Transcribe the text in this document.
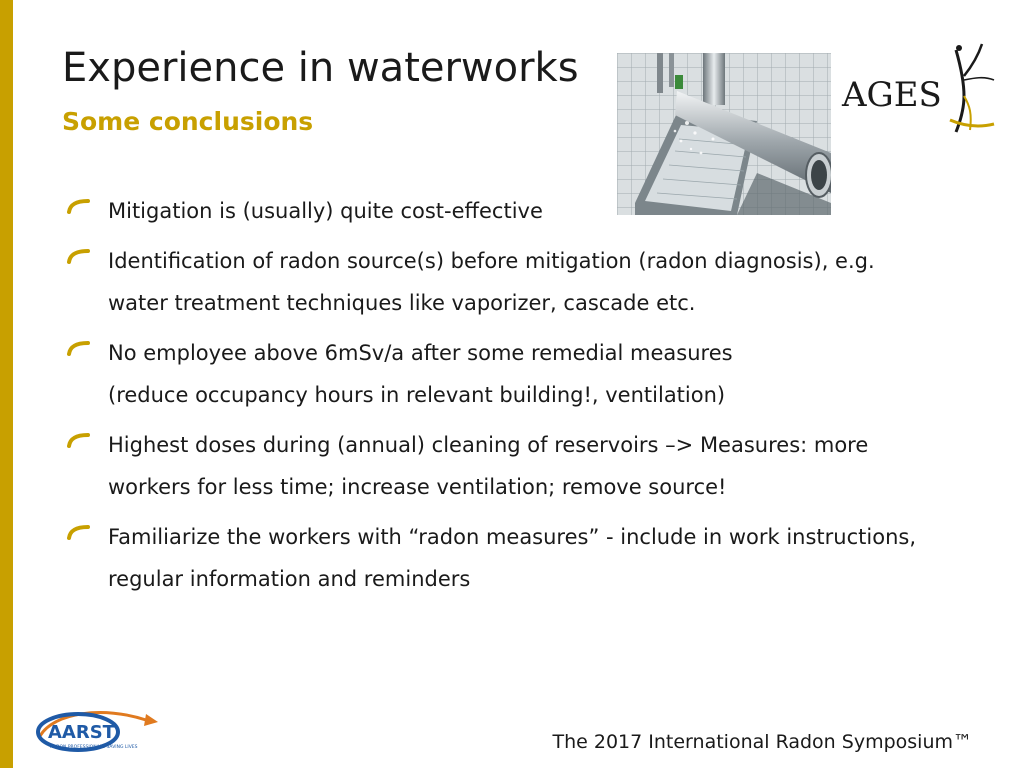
Experience in waterworks
Some conclusions
AGES
Mitigation is (usually) quite cost-effective
Identification of radon source(s) before mitigation (radon diagnosis), e.g.
water treatment techniques like vaporizer, cascade etc.
No employee above 6mSv/a after some remedial measures
(reduce occupancy hours in relevant building!, ventilation)
Highest doses during (annual) cleaning of reservoirs –> Measures: more
workers for less time; increase ventilation; remove source!
Familiarize the workers with “radon measures” - include in work instructions,
regular information and reminders
AARST
RADON PROFESSIONALS SAVING LIVES	The 2017 International Radon Symposium™
